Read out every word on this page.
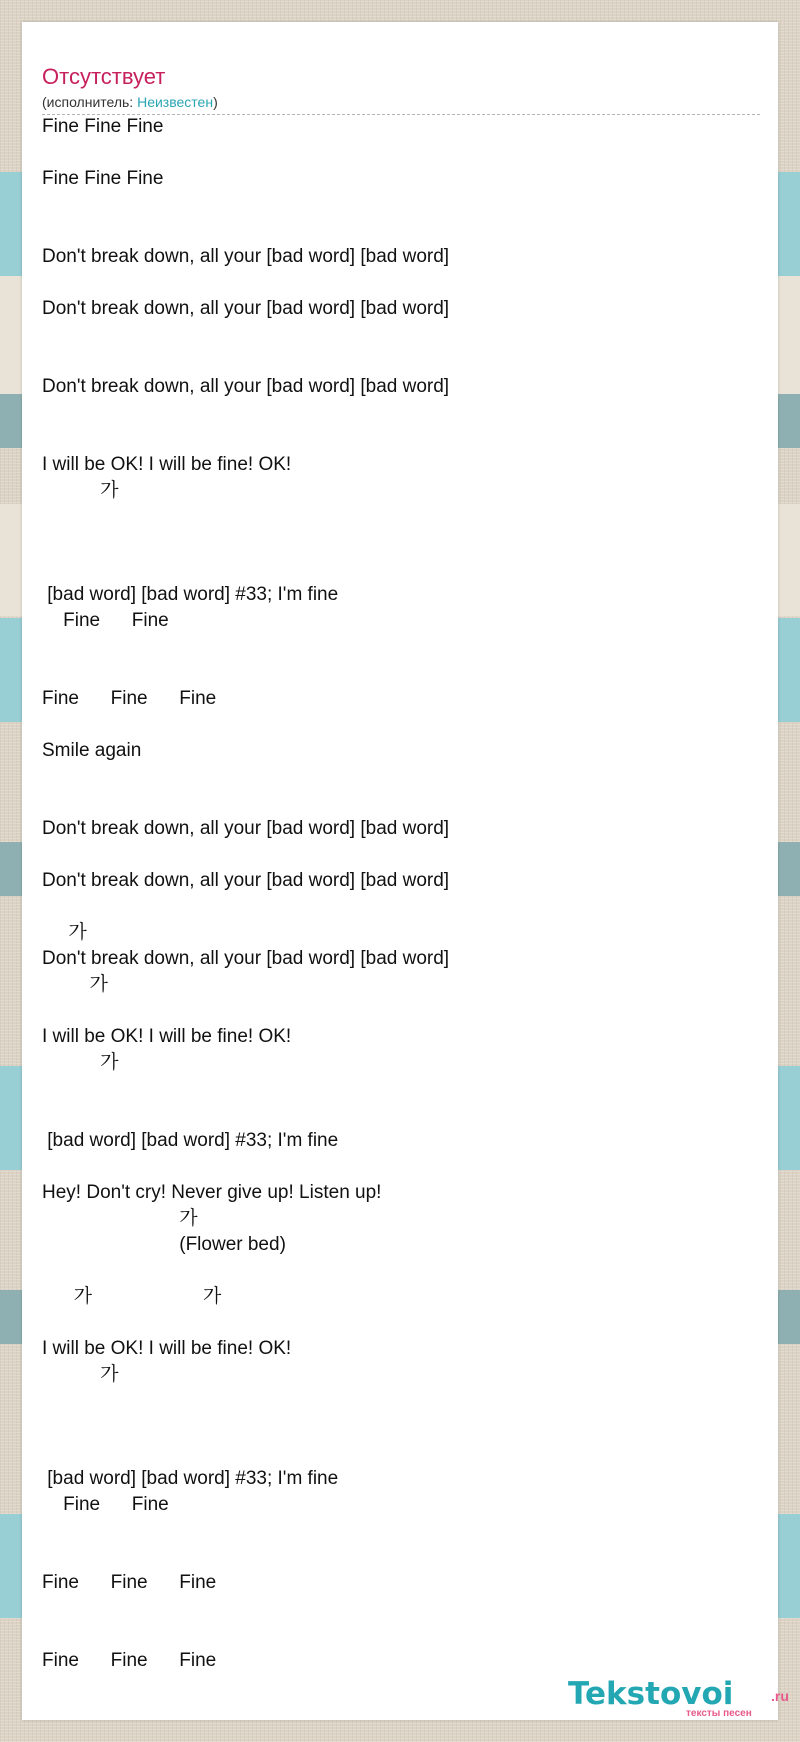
Отсутствует
(исполнитель: Неизвестен)
Fine Fine Fine
Fine Fine Fine
Don't break down, all your [bad word] [bad word]
Don't break down, all your [bad word] [bad word]
Don't break down, all your [bad word] [bad word]
I will be OK! I will be fine! OK!
가
[bad word] [bad word] #33; I'm fine
Fine      Fine
Fine      Fine      Fine
Smile again
Don't break down, all your [bad word] [bad word]
Don't break down, all your [bad word] [bad word]
가
Don't break down, all your [bad word] [bad word]
가
I will be OK! I will be fine! OK!
가
[bad word] [bad word] #33; I'm fine
Hey! Don't cry! Never give up! Listen up!
가
(Flower bed)
가                     가
I will be OK! I will be fine! OK!
가
[bad word] [bad word] #33; I'm fine
Fine      Fine
Fine      Fine      Fine
Fine      Fine      Fine
Tekstovoi	.ru
тексты песен
